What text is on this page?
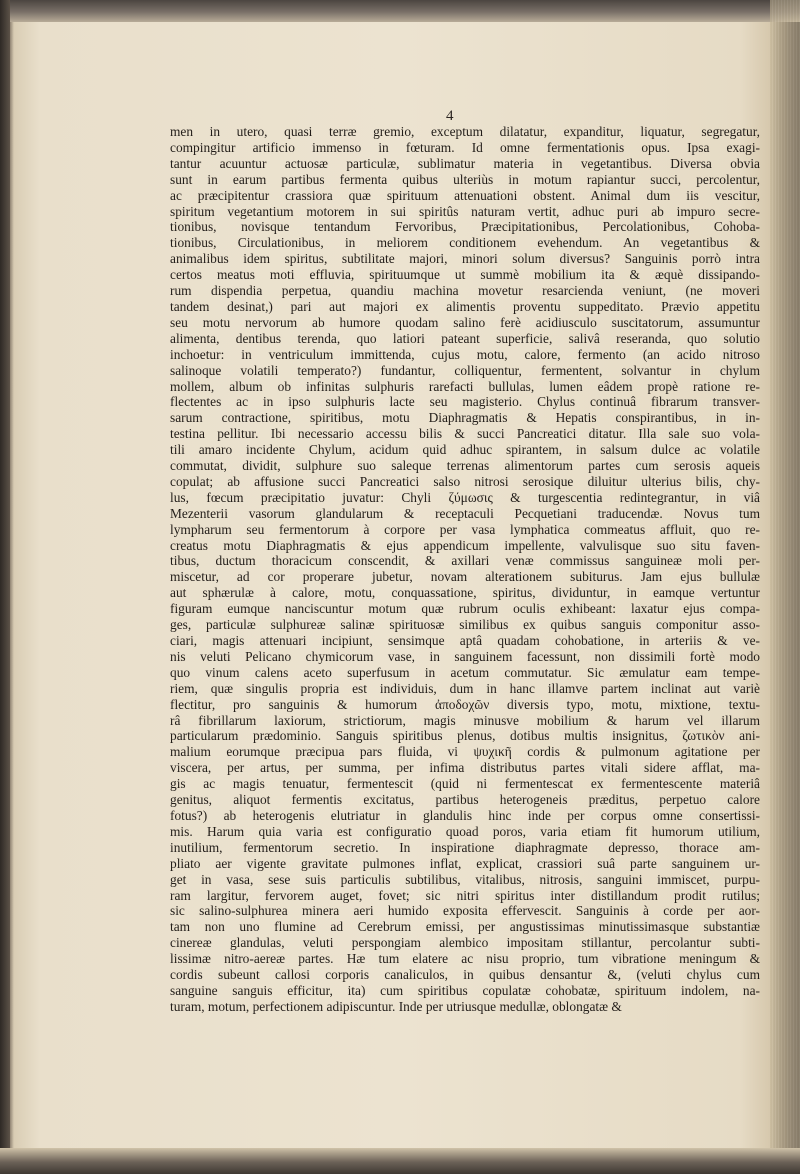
4
men in utero, quasi terræ gremio, exceptum dilatatur, expanditur, liquatur, segregatur,
compingitur artificio immenso in fœturam. Id omne fermentationis opus. Ipsa exagi-
tantur acuuntur actuosæ particulæ, sublimatur materia in vegetantibus. Diversa obvia
sunt in earum partibus fermenta quibus ulteriùs in motum rapiantur succi, percolentur,
ac præcipitentur crassiora quæ spirituum attenuationi obstent. Animal dum iis vescitur,
spiritum vegetantium motorem in sui spiritûs naturam vertit, adhuc puri ab impuro secre-
tionibus, novisque tentandum Fervoribus, Præcipitationibus, Percolationibus, Cohoba-
tionibus, Circulationibus, in meliorem conditionem evehendum. An vegetantibus &
animalibus idem spiritus, subtilitate majori, minori solum diversus? Sanguinis porrò intra
certos meatus moti effluvia, spirituumque ut summè mobilium ita & æquè dissipando-
rum dispendia perpetua, quandiu machina movetur resarcienda veniunt, (ne moveri
tandem desinat,) pari aut majori ex alimentis proventu suppeditato. Prævio appetitu
seu motu nervorum ab humore quodam salino ferè acidiusculo suscitatorum, assumuntur
alimenta, dentibus terenda, quo latiori pateant superficie, salivâ reseranda, quo solutio
inchoetur: in ventriculum immittenda, cujus motu, calore, fermento (an acido nitroso
salinoque volatili temperato?) fundantur, colliquentur, fermentent, solvantur in chylum
mollem, album ob infinitas sulphuris rarefacti bullulas, lumen eâdem propè ratione re-
flectentes ac in ipso sulphuris lacte seu magisterio. Chylus continuâ fibrarum transver-
sarum contractione, spiritibus, motu Diaphragmatis & Hepatis conspirantibus, in in-
testina pellitur. Ibi necessario accessu bilis & succi Pancreatici ditatur. Illa sale suo vola-
tili amaro incidente Chylum, acidum quid adhuc spirantem, in salsum dulce ac volatile
commutat, dividit, sulphure suo saleque terrenas alimentorum partes cum serosis aqueis
copulat; ab affusione succi Pancreatici salso nitrosi serosique diluitur ulterius bilis, chy-
lus, fœcum præcipitatio juvatur: Chyli ζύμωσις & turgescentia redintegrantur, in viâ
Mezenterii vasorum glandularum & receptaculi Pecquetiani traducendæ. Novus tum
lympharum seu fermentorum à corpore per vasa lymphatica commeatus affluit, quo re-
creatus motu Diaphragmatis & ejus appendicum impellente, valvulisque suo situ faven-
tibus, ductum thoracicum conscendit, & axillari venæ commissus sanguineæ moli per-
miscetur, ad cor properare jubetur, novam alterationem subiturus. Jam ejus bullulæ
aut sphærulæ à calore, motu, conquassatione, spiritus, dividuntur, in eamque vertuntur
figuram eumque nanciscuntur motum quæ rubrum oculis exhibeant: laxatur ejus compa-
ges, particulæ sulphureæ salinæ spirituosæ similibus ex quibus sanguis componitur asso-
ciari, magis attenuari incipiunt, sensimque aptâ quadam cohobatione, in arteriis & ve-
nis veluti Pelicano chymicorum vase, in sanguinem facessunt, non dissimili fortè modo
quo vinum calens aceto superfusum in acetum commutatur. Sic æmulatur eam tempe-
riem, quæ singulis propria est individuis, dum in hanc illamve partem inclinat aut variè
flectitur, pro sanguinis & humorum ἀποδοχῶν diversis typo, motu, mixtione, textu-
râ fibrillarum laxiorum, strictiorum, magis minusve mobilium & harum vel illarum
particularum prædominio. Sanguis spiritibus plenus, dotibus multis insignitus, ζωτικὸν ani-
malium eorumque præcipua pars fluida, vi ψυχικῆ cordis & pulmonum agitatione per
viscera, per artus, per summa, per infima distributus partes vitali sidere afflat, ma-
gis ac magis tenuatur, fermentescit (quid ni fermentescat ex fermentescente materiâ
genitus, aliquot fermentis excitatus, partibus heterogeneis præditus, perpetuo calore
fotus?) ab heterogenis elutriatur in glandulis hinc inde per corpus omne consertissi-
mis. Harum quia varia est configuratio quoad poros, varia etiam fit humorum utilium,
inutilium, fermentorum secretio. In inspiratione diaphragmate depresso, thorace am-
pliato aer vigente gravitate pulmones inflat, explicat, crassiori suâ parte sanguinem ur-
get in vasa, sese suis particulis subtilibus, vitalibus, nitrosis, sanguini immiscet, purpu-
ram largitur, fervorem auget, fovet; sic nitri spiritus inter distillandum prodit rutilus;
sic salino-sulphurea minera aeri humido exposita effervescit. Sanguinis à corde per aor-
tam non uno flumine ad Cerebrum emissi, per angustissimas minutissimasque substantiæ
cinereæ glandulas, veluti perspongiam alembico impositam stillantur, percolantur subti-
lissimæ nitro-aereæ partes. Hæ tum elatere ac nisu proprio, tum vibratione meningum &
cordis subeunt callosi corporis canaliculos, in quibus densantur &, (veluti chylus cum
sanguine sanguis efficitur, ita) cum spiritibus copulatæ cohobatæ, spirituum indolem, na-
turam, motum, perfectionem adipiscuntur. Inde per utriusque medullæ, oblongatæ &
